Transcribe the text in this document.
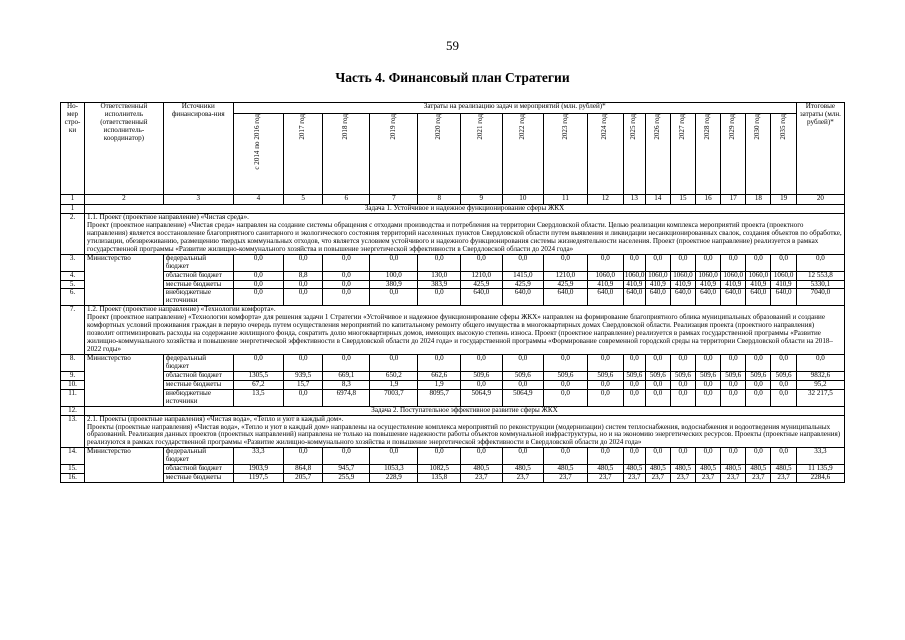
59
Часть 4. Финансовый план Стратегии
Но-мер стро-ки	Ответственный исполнитель (ответственный исполнитель-координатор)	Источники финансирова-ния	Затраты на реализацию задач и мероприятий (млн. рублей)*																Итоговые затраты (млн. рублей)*
			с 2014 по 2016 год	2017 год	2018 год	2019 год	2020 год	2021 год	2022 год	2023 год	2024 год	2025 год	2026 год	2027 год	2028 год	2029 год	2030 год	2035 год	
1	2	3	4	5	6	7	8	9	10	11	12	13	14	15	16	17	18	19	20
1	Задача 1. Устойчивое и надежное функционирование сферы ЖКХ																		
2.	1.1. Проект (проектное направление) «Чистая среда».
Проект (проектное направление) «Чистая среда» направлен на создание системы обращения с отходами производства и потребления на территории Свердловской области. Целью реализации комплекса мероприятий проекта (проектного направления) является восстановление благоприятного санитарного и экологического состояния территорий населенных пунктов Свердловской области путем выявления и ликвидации несанкционированных свалок, создания объектов по обработке, утилизации, обезвреживанию, размещению твердых коммунальных отходов, что является условием устойчивого и надежного функционирования системы жизнедеятельности населения. Проект (проектное направление) реализуется в рамках государственной программы «Развитие жилищно-коммунального хозяйства и повышение энергетической эффективности в Свердловской области до 2024 года»																		

3.	Министерство	федеральный бюджет	0,0	0,0	0,0	0,0	0,0	0,0	0,0	0,0	0,0	0,0	0,0	0,0	0,0	0,0	0,0	0,0	0,0
4.		областной бюджет	0,0	8,8	0,0	100,0	130,0	1210,0	1415,0	1210,0	1060,0	1060,0	1060,0	1060,0	1060,0	1060,0	1060,0	1060,0	12 553,8
5.		местные бюджеты	0,0	0,0	0,0	380,9	383,9	425,9	425,9	425,9	410,9	410,9	410,9	410,9	410,9	410,9	410,9	410,9	5330,1
6.		внебюджетные источники	0,0	0,0	0,0	0,0	0,0	640,0	640,0	640,0	640,0	640,0	640,0	640,0	640,0	640,0	640,0	640,0	7040,0
7.	1.2. Проект (проектное направление) «Технологии комфорта».
Проект (проектное направление) «Технологии комфорта» для решения задачи 1 Стратегии «Устойчивое и надежное функционирование сферы ЖКХ» направлен на формирование благоприятного облика муниципальных образований и создание комфортных условий проживания граждан в первую очередь путем осуществления мероприятий по капитальному ремонту общего имущества в многоквартирных домах Свердловской области. Реализация проекта (проектного направления) позволит оптимизировать расходы на содержание жилищного фонда, сократить долю многоквартирных домов, имеющих высокую степень износа. Проект (проектное направление) реализуется в рамках государственной программы «Развитие жилищно-коммунального хозяйства и повышение энергетической эффективности в Свердловской области до 2024 года» и государственной программы «Формирование современной городской среды на территории Свердловской области на 2018–2022 годы»																		

8.	Министерство	федеральный бюджет	0,0	0,0	0,0	0,0	0,0	0,0	0,0	0,0	0,0	0,0	0,0	0,0	0,0	0,0	0,0	0,0	0,0
9.		областной бюджет	1305,5	939,5	669,1	650,2	662,6	509,6	509,6	509,6	509,6	509,6	509,6	509,6	509,6	509,6	509,6	509,6	9832,6
10.		местные бюджеты	67,2	15,7	8,3	1,9	1,9	0,0	0,0	0,0	0,0	0,0	0,0	0,0	0,0	0,0	0,0	0,0	95,2
11.		внебюджетные источники	13,5	0,0	6974,8	7003,7	8095,7	5064,9	5064,9	0,0	0,0	0,0	0,0	0,0	0,0	0,0	0,0	0,0	32 217,5
12.	Задача 2. Поступательное эффективное развитие сферы ЖКХ																		
13.	2.1. Проекты (проектные направления) «Чистая вода», «Тепло и уют в каждый дом».
Проекты (проектные направления) «Чистая вода», «Тепло и уют в каждый дом» направлены на осуществление комплекса мероприятий по реконструкции (модернизации) систем теплоснабжения, водоснабжения и водоотведения муниципальных образований. Реализация данных проектов (проектных направлений) направлена не только на повышение надежности работы объектов коммунальной инфраструктуры, но и на экономию энергетических ресурсов. Проекты (проектные направления) реализуются в рамках государственной программы «Развитие жилищно-коммунального хозяйства и повышение энергетической эффективности в Свердловской области до 2024 года»																		

14.	Министерство	федеральный бюджет	33,3	0,0	0,0	0,0	0,0	0,0	0,0	0,0	0,0	0,0	0,0	0,0	0,0	0,0	0,0	0,0	33,3
15.		областной бюджет	1903,9	864,8	945,7	1053,3	1082,5	480,5	480,5	480,5	480,5	480,5	480,5	480,5	480,5	480,5	480,5	480,5	11 135,9
16.		местные бюджеты	1197,5	205,7	255,9	228,9	135,8	23,7	23,7	23,7	23,7	23,7	23,7	23,7	23,7	23,7	23,7	23,7	2284,6
